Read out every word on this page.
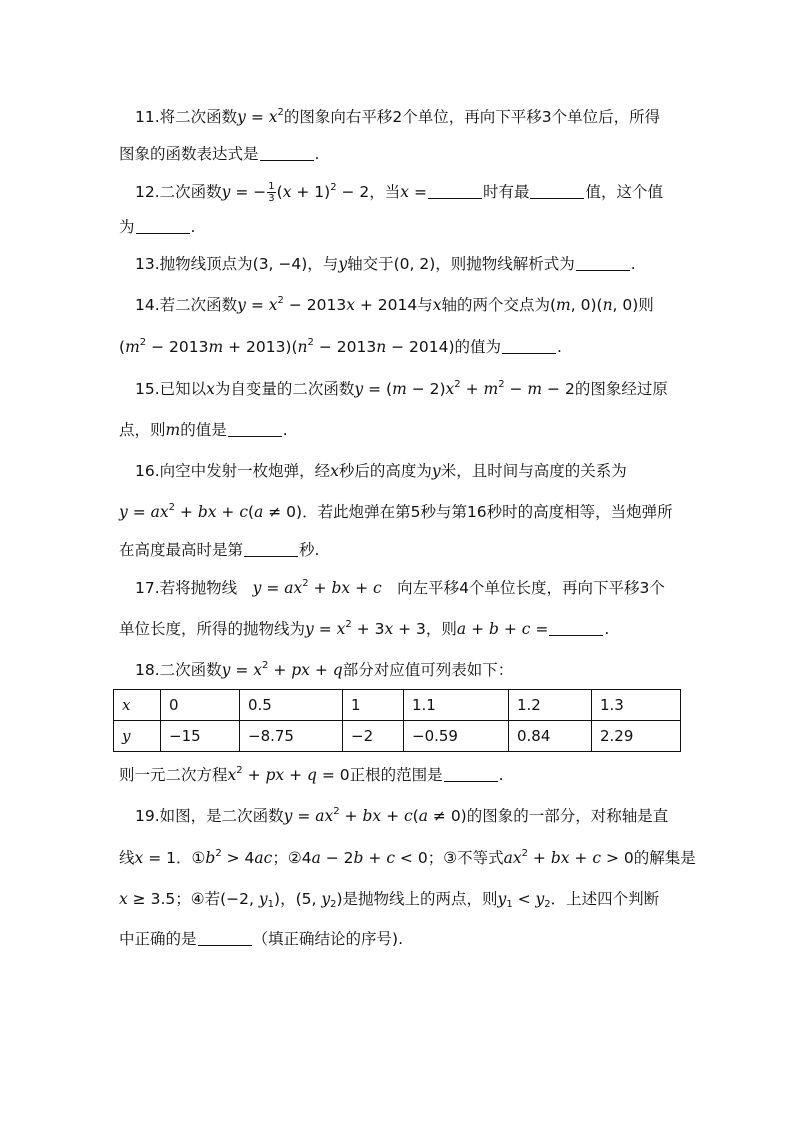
11.将二次函数$y = x^2$的图象向右平移2个单位，再向下平移3个单位后，所得
图象的函数表达式是	.
12.二次函数y = − $\frac{1}{3} (x + 1)^2 - 2$，当x =	时有最	值，这个值
为	.
13.抛物线顶点为(3, −4)，与y轴交于(0, 2)，则抛物线解析式为	.
14.若二次函数$y = x^2 - 2013x + 2014$与x轴的两个交点为(m, 0)(n, 0)则
$(m^2 - 2013m + 2013)(n^2 - 2013n - 2014)$的值为	.
15.已知以x为自变量的二次函数$y = (m - 2)x^2 + m^2 - m - 2$的图象经过原
点，则m的值是	.
16.向空中发射一枚炮弹，经x秒后的高度为y米，且时间与高度的关系为
$y = ax^2$ + bx + c(a ≠ 0)．若此炮弹在第5秒与第16秒时的高度相等，当炮弹所
在高度最高时是第	秒.
17.若将抛物线　$y = ax^2$ + bx + c　向左平移4个单位长度，再向下平移3个
单位长度，所得的抛物线为$y = x^2 + 3x + 3$，则a + b + c =	.
18.二次函数$y = x^2$ + px + q部分对应值可列表如下：
x	0	0.5	1	1.1	1.2	1.3
y	−15	−8.75	−2	−0.59	0.84	2.29
则一元二次方程$x^2$ + px + q = 0正根的范围是	.
19.如图，是二次函数$y = ax^2$ + bx + c(a ≠ 0)的图象的一部分，对称轴是直
线x = 1．$①b^2 > 4ac$；②4a − 2b + c < 0；③不等式$ax^2$ + bx + c > 0的解集是
x ≥ 3.5；④若(−2, $y_1$)，(5, $y_2$)是抛物线上的两点，则$y_1 < y_2$．上述四个判断
中正确的是	（填正确结论的序号).
